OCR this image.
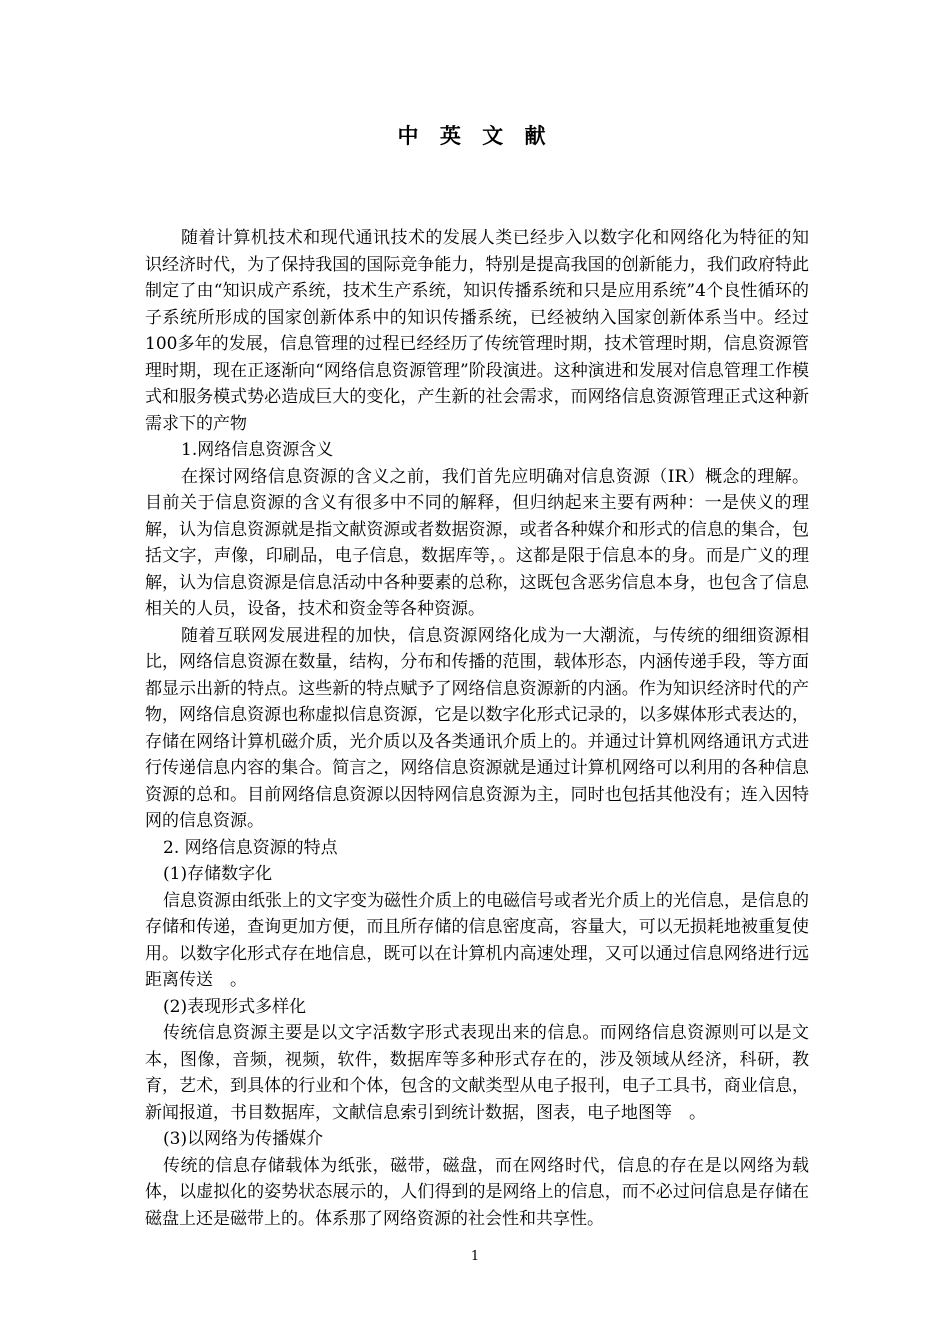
中 英 文 献

随着计算机技术和现代通讯技术的发展人类已经步入以数字化和网络化为特征的知识经济时代，为了保持我国的国际竞争能力，特别是提高我国的创新能力，我们政府特此制定了由“知识成产系统，技术生产系统，知识传播系统和只是应用系统”4个良性循环的子系统所形成的国家创新体系中的知识传播系统，已经被纳入国家创新体系当中。经过100多年的发展，信息管理的过程已经经历了传统管理时期，技术管理时期，信息资源管理时期，现在正逐渐向“网络信息资源管理”阶段演进。这种演进和发展对信息管理工作模式和服务模式势必造成巨大的变化，产生新的社会需求，而网络信息资源管理正式这种新需求下的产物

1.网络信息资源含义

在探讨网络信息资源的含义之前，我们首先应明确对信息资源（IR）概念的理解。目前关于信息资源的含义有很多中不同的解释，但归纳起来主要有两种：一是侠义的理解，认为信息资源就是指文献资源或者数据资源，或者各种媒介和形式的信息的集合，包括文字，声像，印刷品，电子信息，数据库等，。这都是限于信息本的身。而是广义的理解，认为信息资源是信息活动中各种要素的总称，这既包含恶劣信息本身，也包含了信息相关的人员，设备，技术和资金等各种资源。

随着互联网发展进程的加快，信息资源网络化成为一大潮流，与传统的细细资源相比，网络信息资源在数量，结构，分布和传播的范围，载体形态，内涵传递手段，等方面都显示出新的特点。这些新的特点赋予了网络信息资源新的内涵。作为知识经济时代的产物，网络信息资源也称虚拟信息资源，它是以数字化形式记录的，以多媒体形式表达的，存储在网络计算机磁介质，光介质以及各类通讯介质上的。并通过计算机网络通讯方式进行传递信息内容的集合。简言之，网络信息资源就是通过计算机网络可以利用的各种信息资源的总和。目前网络信息资源以因特网信息资源为主，同时也包括其他没有；连入因特网的信息资源。

2. 网络信息资源的特点

(1)存储数字化

信息资源由纸张上的文字变为磁性介质上的电磁信号或者光介质上的光信息，是信息的存储和传递，查询更加方便，而且所存储的信息密度高，容量大，可以无损耗地被重复使用。以数字化形式存在地信息，既可以在计算机内高速处理，又可以通过信息网络进行远距离传送　。

(2)表现形式多样化

传统信息资源主要是以文字活数字形式表现出来的信息。而网络信息资源则可以是文本，图像，音频，视频，软件，数据库等多种形式存在的，涉及领域从经济，科研，教育，艺术，到具体的行业和个体，包含的文献类型从电子报刊，电子工具书，商业信息，新闻报道，书目数据库，文献信息索引到统计数据，图表，电子地图等　。

(3)以网络为传播媒介

传统的信息存储载体为纸张，磁带，磁盘，而在网络时代，信息的存在是以网络为载体，以虚拟化的姿势状态展示的，人们得到的是网络上的信息，而不必过问信息是存储在磁盘上还是磁带上的。体系那了网络资源的社会性和共享性。

1
